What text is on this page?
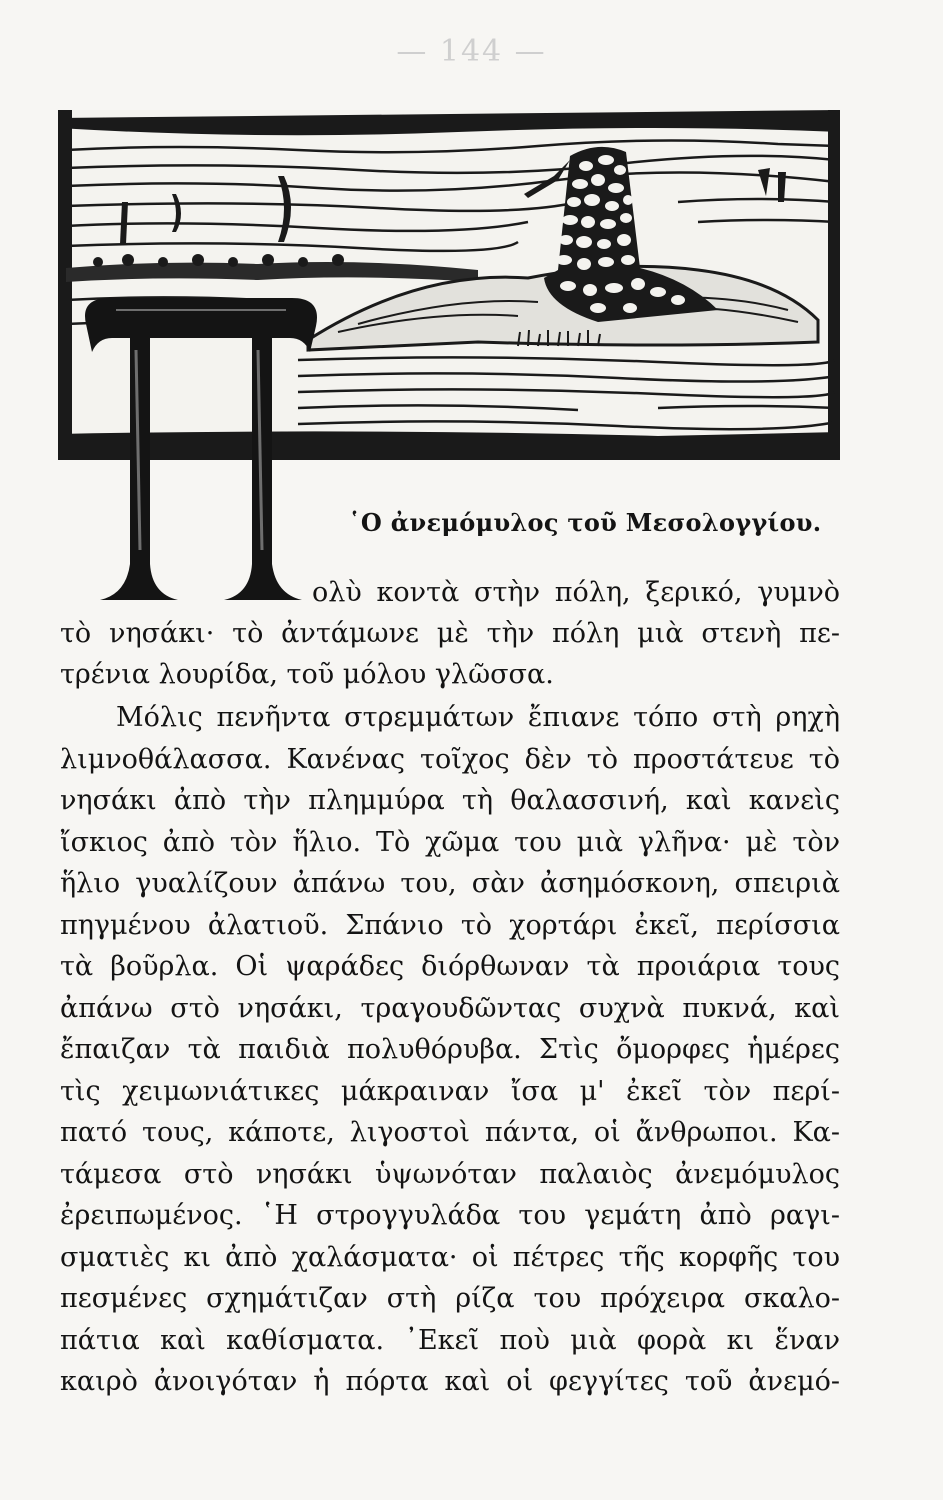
— 144 —
῾Ο ἀνεμόμυλος τοῦ Μεσολογγίου.
ολὺ κοντὰ στὴν πόλη, ξερικό, γυμνὸ
τὸ νησάκι· τὸ ἀντάμωνε μὲ τὴν πόλη μιὰ στενὴ πε-
τρένια λουρίδα, τοῦ μόλου γλῶσσα.
Μόλις πενῆντα στρεμμάτων ἔπιανε τόπο στὴ ρηχὴ
λιμνοθάλασσα. Κανένας τοῖχος δὲν τὸ προστάτευε τὸ
νησάκι ἀπὸ τὴν πλημμύρα τὴ θαλασσινή, καὶ κανεὶς
ἴσκιος ἀπὸ τὸν ἥλιο. Τὸ χῶμα του μιὰ γλῆνα· μὲ τὸν
ἥλιο γυαλίζουν ἀπάνω του, σὰν ἀσημόσκονη, σπειριὰ
πηγμένου ἀλατιοῦ. Σπάνιο τὸ χορτάρι ἐκεῖ, περίσσια
τὰ βοῦρλα. Οἱ ψαράδες διόρθωναν τὰ προιάρια τους
ἀπάνω στὸ νησάκι, τραγουδῶντας συχνὰ πυκνά, καὶ
ἔπαιζαν τὰ παιδιὰ πολυθόρυβα. Στὶς ὄμορφες ἡμέρες
τὶς χειμωνιάτικες μάκραιναν ἴσα μ' ἐκεῖ τὸν περί-
πατό τους, κάποτε, λιγοστοὶ πάντα, οἱ ἄνθρωποι. Κα-
τάμεσα στὸ νησάκι ὑψωνόταν παλαιὸς ἀνεμόμυλος
ἐρειπωμένος. ῾Η στρογγυλάδα του γεμάτη ἀπὸ ραγι-
σματιὲς κι ἀπὸ χαλάσματα· οἱ πέτρες τῆς κορφῆς του
πεσμένες σχημάτιζαν στὴ ρίζα του πρόχειρα σκαλο-
πάτια καὶ καθίσματα. ᾿Εκεῖ ποὺ μιὰ φορὰ κι ἕναν
καιρὸ ἀνοιγόταν ἡ πόρτα καὶ οἱ φεγγίτες τοῦ ἀνεμό-
